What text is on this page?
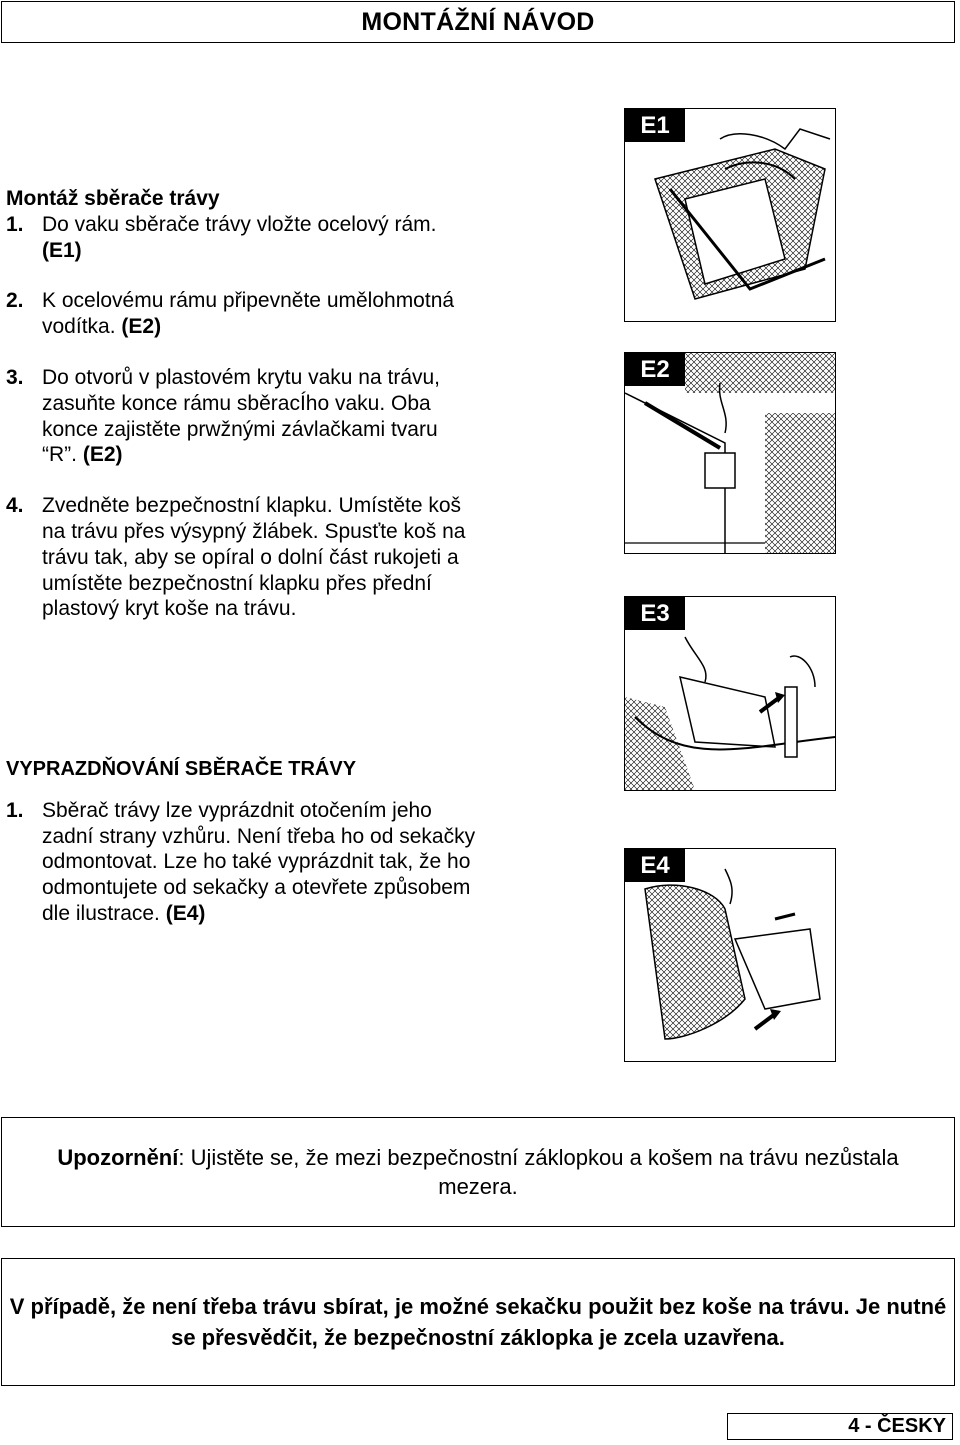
MONTÁŽNÍ NÁVOD
Montáž sběrače trávy
1. Do vaku sběrače trávy vložte ocelový rám. (E1)
2. K ocelovému rámu připevněte umělohmotná vodítka. (E2)
3. Do otvorů v plastovém krytu vaku na trávu, zasuňte konce rámu sběracÍho vaku. Oba konce zajistěte prwžnými závlačkami tvaru “R”. (E2)
4. Zvedněte bezpečnostní klapku. Umístěte koš na trávu přes výsypný žlábek. Spusťte koš na trávu tak, aby se opíral o dolní část rukojeti a umístěte bezpečnostní klapku přes přední plastový kryt koše na trávu.
VYPRAZDŇOVÁNÍ SBĚRAČE TRÁVY
1. Sběrač trávy lze vyprázdnit otočením jeho zadní strany vzhůru. Není třeba ho od sekačky odmontovat. Lze ho také vyprázdnit tak, že ho odmontujete od sekačky a otevřete způsobem dle ilustrace. (E4)
E1
E2
E3
E4

Upozornění: Ujistěte se, že mezi bezpečnostní záklopkou a košem na trávu nezůstala mezera.

V případě, že není třeba trávu sbírat, je možné sekačku použit bez koše na trávu. Je nutné se přesvědčit, že bezpečnostní záklopka je zcela uzavřena.

4 - ČESKY
